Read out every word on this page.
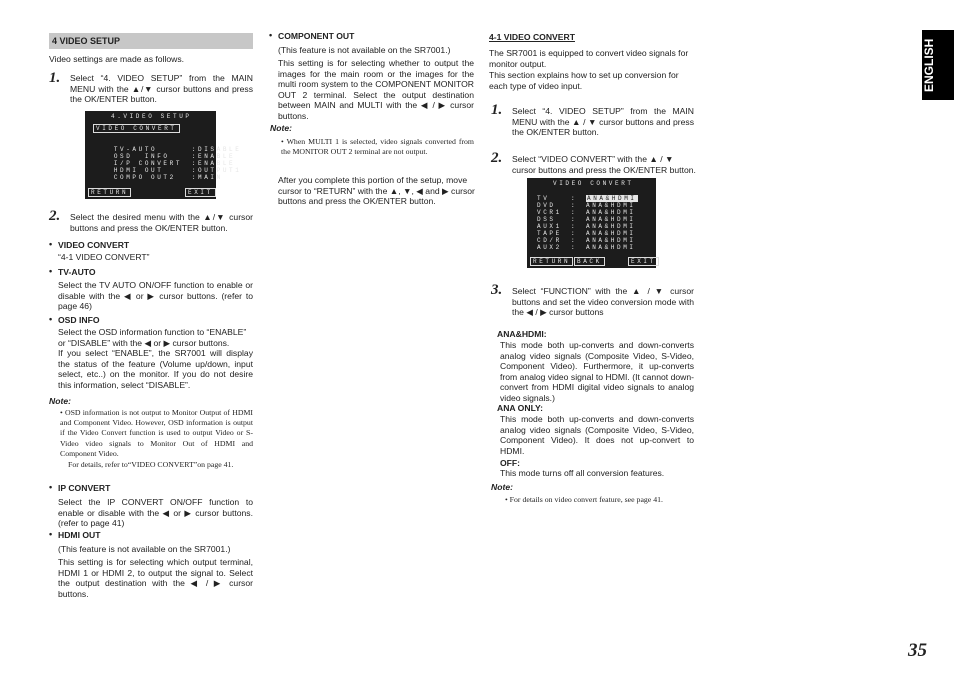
4 VIDEO SETUP
Video settings are made as follows.
1. Select “4. VIDEO SETUP” from the MAIN MENU with the ▲/▼ cursor buttons and press the OK/ENTER button.
4.VIDEO SETUP
VIDEO CONVERT

TV-AUTO	:DISABLE

OSD  INFO	:ENABLE

I/P CONVERT :ENABLE

HDMI OUT	:OUTPUT1

COMPO OUT2	:MAIN

RETURN	EXIT
2. Select the desired menu with the ▲/▼ cursor buttons and press the OK/ENTER button.
• VIDEO CONVERT
“4-1 VIDEO CONVERT”
• TV-AUTO
Select the TV AUTO ON/OFF function to enable or disable with the ◀ or ▶ cursor buttons. (refer to page 46)
• OSD INFO
Select the OSD information function to “ENABLE” or “DISABLE” with the ◀ or ▶ cursor buttons.
If you select “ENABLE”, the SR7001 will display the status of the feature (Volume up/down, input select, etc..) on the monitor. If you do not desire this information, select “DISABLE”.
Note:
• OSD information is not output to Monitor Output of HDMI and Component Video. However, OSD information is output if the Video Convert function is used to output Video or S-Video video signals to Monitor Out of HDMI and Component Video.
For details, refer to“VIDEO CONVERT”on page 41.
• IP CONVERT
Select the IP CONVERT ON/OFF function to enable or disable with the ◀ or ▶ cursor buttons. (refer to page 41)
• HDMI OUT
(This feature is not available on the SR7001.)
This setting is for selecting which output terminal, HDMI 1 or HDMI 2, to output the signal to. Select the output destination with the ◀ / ▶ cursor buttons.
• COMPONENT OUT
(This feature is not available on the SR7001.)
This setting is for selecting whether to output the images for the main room or the images for the multi room system to the COMPONENT MONITOR OUT 2 terminal. Select the output destination between MAIN and MULTI with the ◀ / ▶ cursor buttons.
Note:
• When MULTI 1 is selected, video signals converted from the MONITOR OUT 2 terminal are not output.
After you complete this portion of the setup, move cursor to “RETURN” with the ▲, ▼, ◀ and ▶ cursor buttons and press the OK/ENTER button.
4-1 VIDEO CONVERT
The SR7001 is equipped to convert video signals for monitor output.
This section explains how to set up conversion for each type of video input.
1. Select “4. VIDEO SETUP” from the MAIN MENU with the ▲ / ▼ cursor buttons and press the OK/ENTER button.
2. Select “VIDEO CONVERT” with the ▲ / ▼ cursor buttons and press the OK/ENTER button.
VIDEO CONVERT
TV	: ANA&HDMI
DVD	: ANA&HDMI
VCR1 : ANA&HDMI
DSS	: ANA&HDMI
AUX1 : ANA&HDMI
TAPE : ANA&HDMI
CD/R : ANA&HDMI
AUX2 : ANA&HDMI
RETURN	BACK	EXIT
3. Select “FUNCTION” with the ▲ / ▼ cursor buttons and set the video conversion mode with the ◀ / ▶ cursor buttons
ANA&HDMI:
This mode both up-converts and down-converts analog video signals (Composite Video, S-Video, Component Video). Furthermore, it up-converts from analog video signal to HDMI. (It cannot down-convert from HDMI digital video signals to analog video signals.)
ANA ONLY:
This mode both up-converts and down-converts analog video signals (Composite Video, S-Video, Component Video). It does not up-convert to HDMI.
OFF:
This mode turns off all conversion features.
Note:
• For details on video convert feature, see page 41.
ENGLISH
35
